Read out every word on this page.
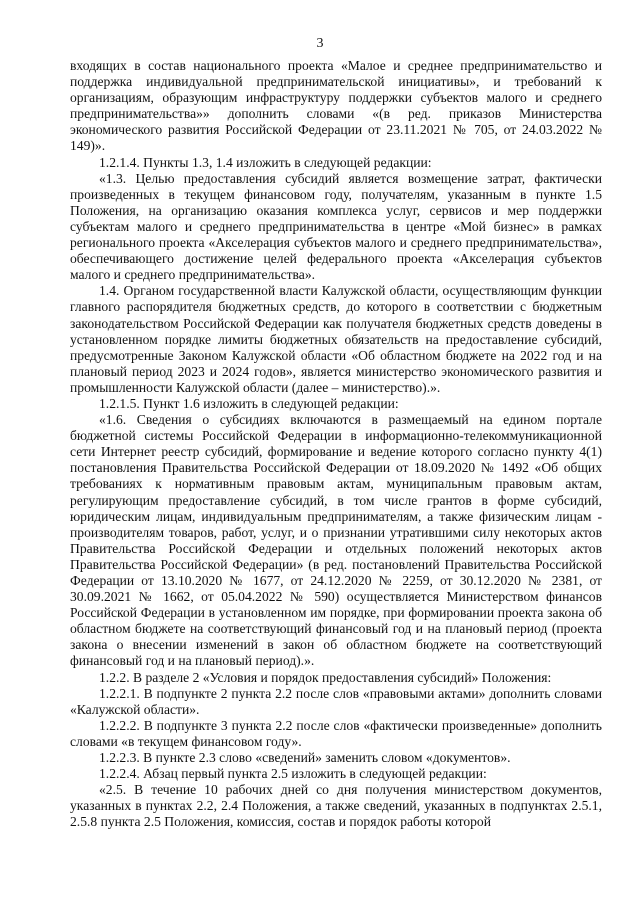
3

входящих в состав национального проекта «Малое и среднее предпринимательство и поддержка индивидуальной предпринимательской инициативы», и требований к организациям, образующим инфраструктуру поддержки субъектов малого и среднего предпринимательства»» дополнить словами «(в ред. приказов Министерства экономического развития Российской Федерации от 23.11.2021 № 705, от 24.03.2022 № 149)».

1.2.1.4. Пункты 1.3, 1.4 изложить в следующей редакции:

«1.3. Целью предоставления субсидий является возмещение затрат, фактически произведенных в текущем финансовом году, получателям, указанным в пункте 1.5 Положения, на организацию оказания комплекса услуг, сервисов и мер поддержки субъектам малого и среднего предпринимательства в центре «Мой бизнес» в рамках регионального проекта «Акселерация субъектов малого и среднего предпринимательства», обеспечивающего достижение целей федерального проекта «Акселерация субъектов малого и среднего предпринимательства».

1.4. Органом государственной власти Калужской области, осуществляющим функции главного распорядителя бюджетных средств, до которого в соответствии с бюджетным законодательством Российской Федерации как получателя бюджетных средств доведены в установленном порядке лимиты бюджетных обязательств на предоставление субсидий, предусмотренные Законом Калужской области «Об областном бюджете на 2022 год и на плановый период 2023 и 2024 годов», является министерство экономического развития и промышленности Калужской области (далее – министерство).».

1.2.1.5. Пункт 1.6 изложить в следующей редакции:

«1.6. Сведения о субсидиях включаются в размещаемый на едином портале бюджетной системы Российской Федерации в информационно-телекоммуникационной сети Интернет реестр субсидий, формирование и ведение которого согласно пункту 4(1) постановления Правительства Российской Федерации от 18.09.2020 № 1492 «Об общих требованиях к нормативным правовым актам, муниципальным правовым актам, регулирующим предоставление субсидий, в том числе грантов в форме субсидий, юридическим лицам, индивидуальным предпринимателям, а также физическим лицам - производителям товаров, работ, услуг, и о признании утратившими силу некоторых актов Правительства Российской Федерации и отдельных положений некоторых актов Правительства Российской Федерации» (в ред. постановлений Правительства Российской Федерации от 13.10.2020 № 1677, от 24.12.2020 № 2259, от 30.12.2020 № 2381, от 30.09.2021 № 1662, от 05.04.2022 № 590) осуществляется Министерством финансов Российской Федерации в установленном им порядке, при формировании проекта закона об областном бюджете на соответствующий финансовый год и на плановый период (проекта закона о внесении изменений в закон об областном бюджете на соответствующий финансовый год и на плановый период).».

1.2.2. В разделе 2 «Условия и порядок предоставления субсидий» Положения:

1.2.2.1. В подпункте 2 пункта 2.2 после слов «правовыми актами» дополнить словами «Калужской области».

1.2.2.2. В подпункте 3 пункта 2.2 после слов «фактически произведенные» дополнить словами «в текущем финансовом году».

1.2.2.3. В пункте 2.3 слово «сведений» заменить словом «документов».

1.2.2.4. Абзац первый пункта 2.5 изложить в следующей редакции:

«2.5. В течение 10 рабочих дней со дня получения министерством документов, указанных в пунктах 2.2, 2.4 Положения, а также сведений, указанных в подпунктах 2.5.1, 2.5.8 пункта 2.5 Положения, комиссия, состав и порядок работы которой
